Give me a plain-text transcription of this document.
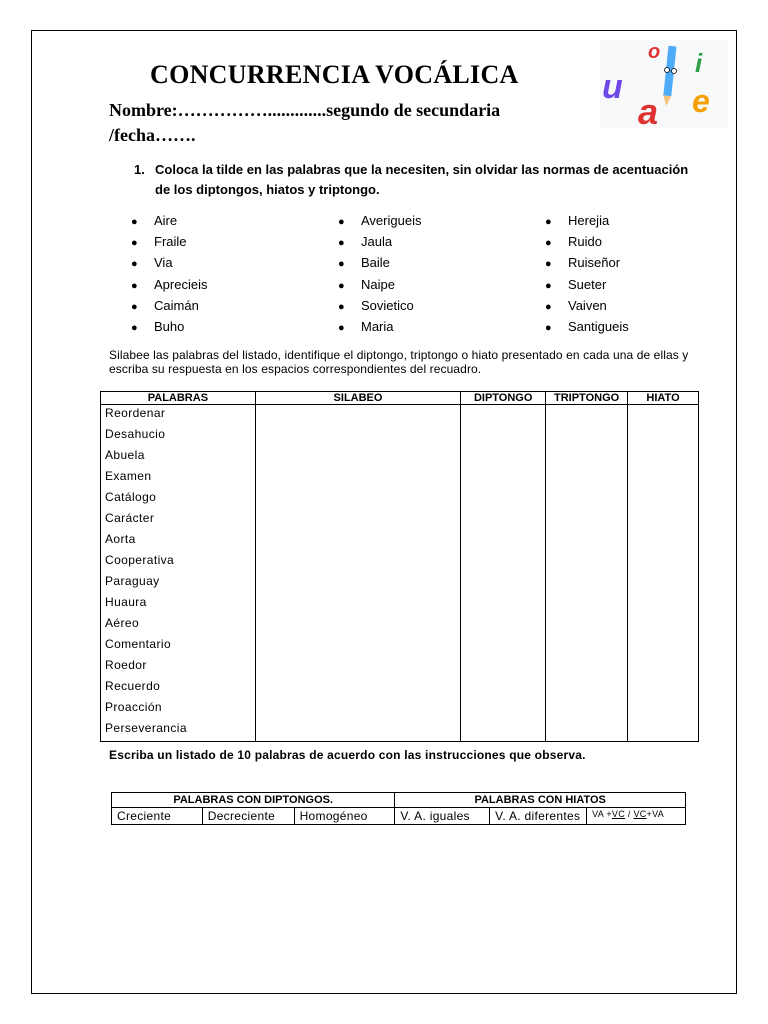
CONCURRENCIA VOCÁLICA
Nombre:…………….............segundo de secundaria
/fecha…….
o i
u
a e
1. Coloca la tilde en las palabras que la necesiten, sin olvidar las normas de acentuación de los diptongos, hiatos y triptongo.
● Aire
● Fraile
● Via
● Aprecieis
● Caimán
● Buho
● Averigueis
● Jaula
● Baile
● Naipe
● Sovietico
● Maria
● Herejia
● Ruido
● Ruiseñor
● Sueter
● Vaiven
● Santigueis
Silabee las palabras del listado, identifique el diptongo, triptongo o hiato presentado en cada una de ellas y escriba su respuesta en los espacios correspondientes del recuadro.
PALABRAS	SILABEO	DIPTONGO	TRIPTONGO	HIATO
Reordenar				
Desahucio				
Abuela				
Examen				
Catálogo				
Carácter				
Aorta				
Cooperativa				
Paraguay				
Huaura				
Aéreo				
Comentario				
Roedor				
Recuerdo				
Proacción				
Perseverancia				
Escriba un listado de 10 palabras de acuerdo con las instrucciones que observa.
PALABRAS CON DIPTONGOS.			PALABRAS CON HIATOS		
Creciente	Decreciente	Homogéneo	V. A. iguales	V. A. diferentes	VA +VC / VC+VA
